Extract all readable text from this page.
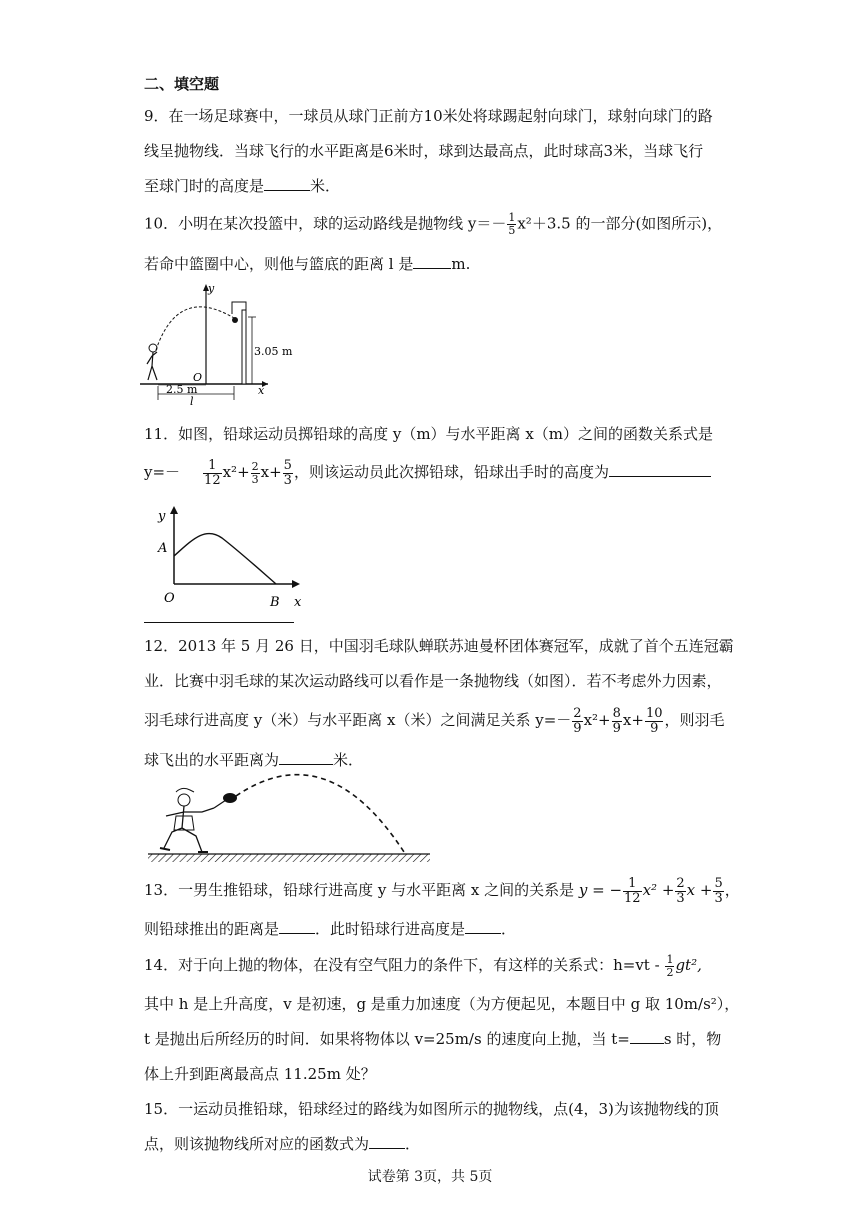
二、填空题
9．在一场足球赛中，一球员从球门正前方10米处将球踢起射向球门，球射向球门的路
线呈抛物线．当球飞行的水平距离是6米时，球到达最高点，此时球高3米，当球飞行
至球门时的高度是	米．
10．小明在某次投篮中，球的运动路线是抛物线 $y=- \frac{1}{5} x^2+3.5$ 的一部分(如图所示)，
若命中篮圈中心，则他与篮底的距离 l 是	m.
y
x
O
3.05 m
2.5 m
l
11．如图，铅球运动员掷铅球的高度 y（m）与水平距离 x（m）之间的函数关系式是
$y=- \frac{1}{12} x^2+ \frac{2}{3} x+ \frac{5}{3}$ ，则该运动员此次掷铅球，铅球出手时的高度为
y
A
O	B x
12．2013 年 5 月 26 日，中国羽毛球队蝉联苏迪曼杯团体赛冠军，成就了首个五连冠霸
业．比赛中羽毛球的某次运动路线可以看作是一条抛物线（如图）．若不考虑外力因素，
羽毛球行进高度 y（米）与水平距离 x（米）之间满足关系 $y=- \frac{2}{9} x^2+ \frac{8}{9} x+ \frac{10}{9}$ ，则羽毛
球飞出的水平距离为	米．
13．一男生推铅球，铅球行进高度 y 与水平距离 x 之间的关系是 y = − $\frac{1}{12} x^2 + \frac{2}{3}$ $x + \frac{5}{3}$ ，
则铅球推出的距离是 ．此时铅球行进高度是 ．
14．对于向上抛的物体，在没有空气阻力的条件下，有这样的关系式：$h=vt - \frac{1}{2} gt^2$,
其中 h 是上升高度，v 是初速，g 是重力加速度（为方便起见，本题目中 g 取 10m/s²），
t 是抛出后所经历的时间．如果将物体以 v=25m/s 的速度向上抛，当 t= s 时，物
体上升到距离最高点 11.25m 处？
15．一运动员推铅球，铅球经过的路线为如图所示的抛物线，点(4，3)为该抛物线的顶
点，则该抛物线所对应的函数式为 ．
试卷第 3页，共 5页
